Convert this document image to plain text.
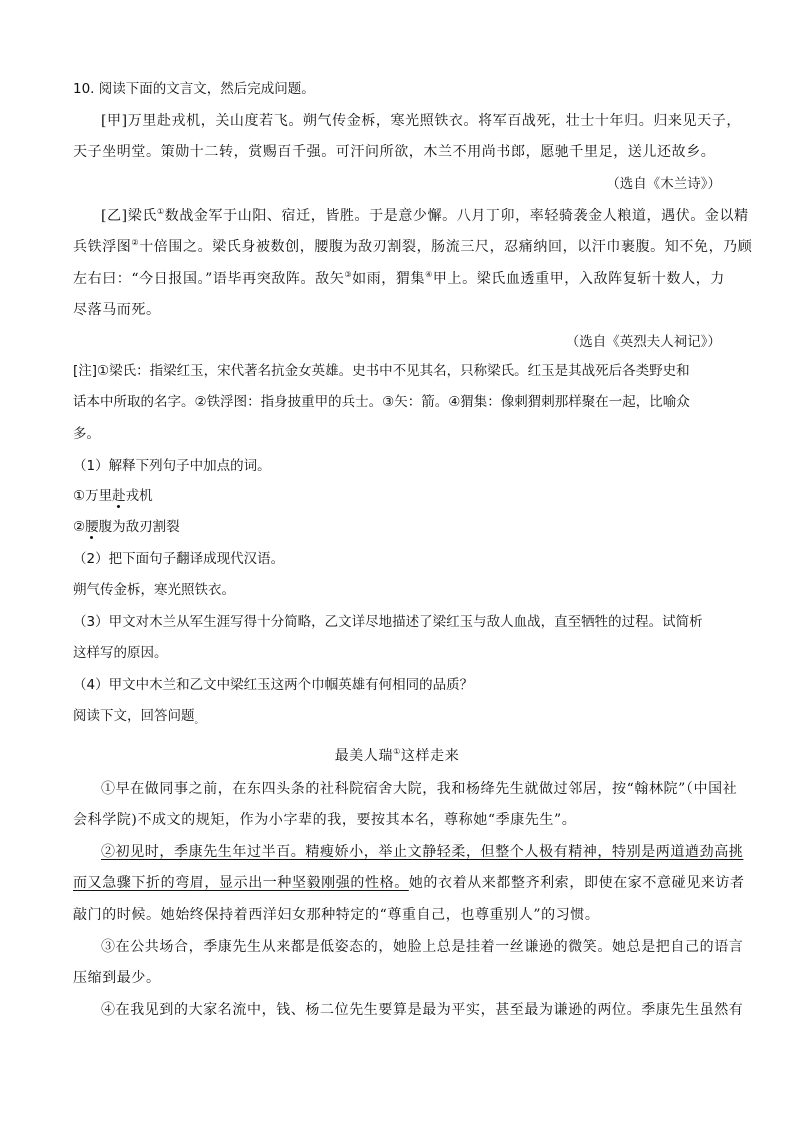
10. 阅读下面的文言文，然后完成问题。
[甲]万里赴戎机，关山度若飞。朔气传金柝，寒光照铁衣。将军百战死，壮士十年归。归来见天子，
天子坐明堂。策勋十二转，赏赐百千强。可汗问所欲，木兰不用尚书郎，愿驰千里足，送儿还故乡。
（选自《木兰诗》）
[乙]梁氏①数战金军于山阳、宿迁，皆胜。于是意少懈。八月丁卯，率轻骑袭金人粮道，遇伏。金以精
兵铁浮图②十倍围之。梁氏身被数创，腰腹为敌刃割裂，肠流三尺，忍痛纳回，以汗巾裹腹。知不免，乃顾
左右曰：“今日报国。”语毕再突敌阵。敌矢③如雨，猬集④甲上。梁氏血透重甲，入敌阵复斩十数人，力
尽落马而死。
（选自《英烈夫人祠记》）
[注]①梁氏：指梁红玉，宋代著名抗金女英雄。史书中不见其名，只称梁氏。红玉是其战死后各类野史和
话本中所取的名字。②铁浮图：指身披重甲的兵士。③矢：箭。④猬集：像刺猬刺那样聚在一起，比喻众
多。
（1）解释下列句子中加点的词。
①万里赴戎机
②腰腹为敌刃割裂
（2）把下面句子翻译成现代汉语。
朔气传金柝，寒光照铁衣。
（3）甲文对木兰从军生涯写得十分简略，乙文详尽地描述了梁红玉与敌人血战，直至牺牲的过程。试简析
这样写的原因。
（4）甲文中木兰和乙文中梁红玉这两个巾帼英雄有何相同的品质？
阅读下文，回答问题$_。$
最美人瑞①这样走来
①早在做同事之前，在东四头条的社科院宿舍大院，我和杨绛先生就做过邻居，按“翰林院”（中国社
会科学院)不成文的规矩，作为小字辈的我，要按其本名，尊称她“季康先生”。
②初见时，季康先生年过半百。精瘦娇小，举止文静轻柔，但整个人极有精神，特别是两道遒劲高挑
而又急骤下折的弯眉，显示出一种坚毅刚强的性格。她的衣着从来都整齐利索，即使在家不意碰见来访者
敲门的时候。她始终保持着西洋妇女那种特定的“尊重自己，也尊重别人”的习惯。
③在公共场合，季康先生从来都是低姿态的，她脸上总是挂着一丝谦逊的微笑。她总是把自己的语言
压缩到最少。
④在我见到的大家名流中，钱、杨二位先生要算是最为平实，甚至最为谦逊的两位。季康先生虽然有
